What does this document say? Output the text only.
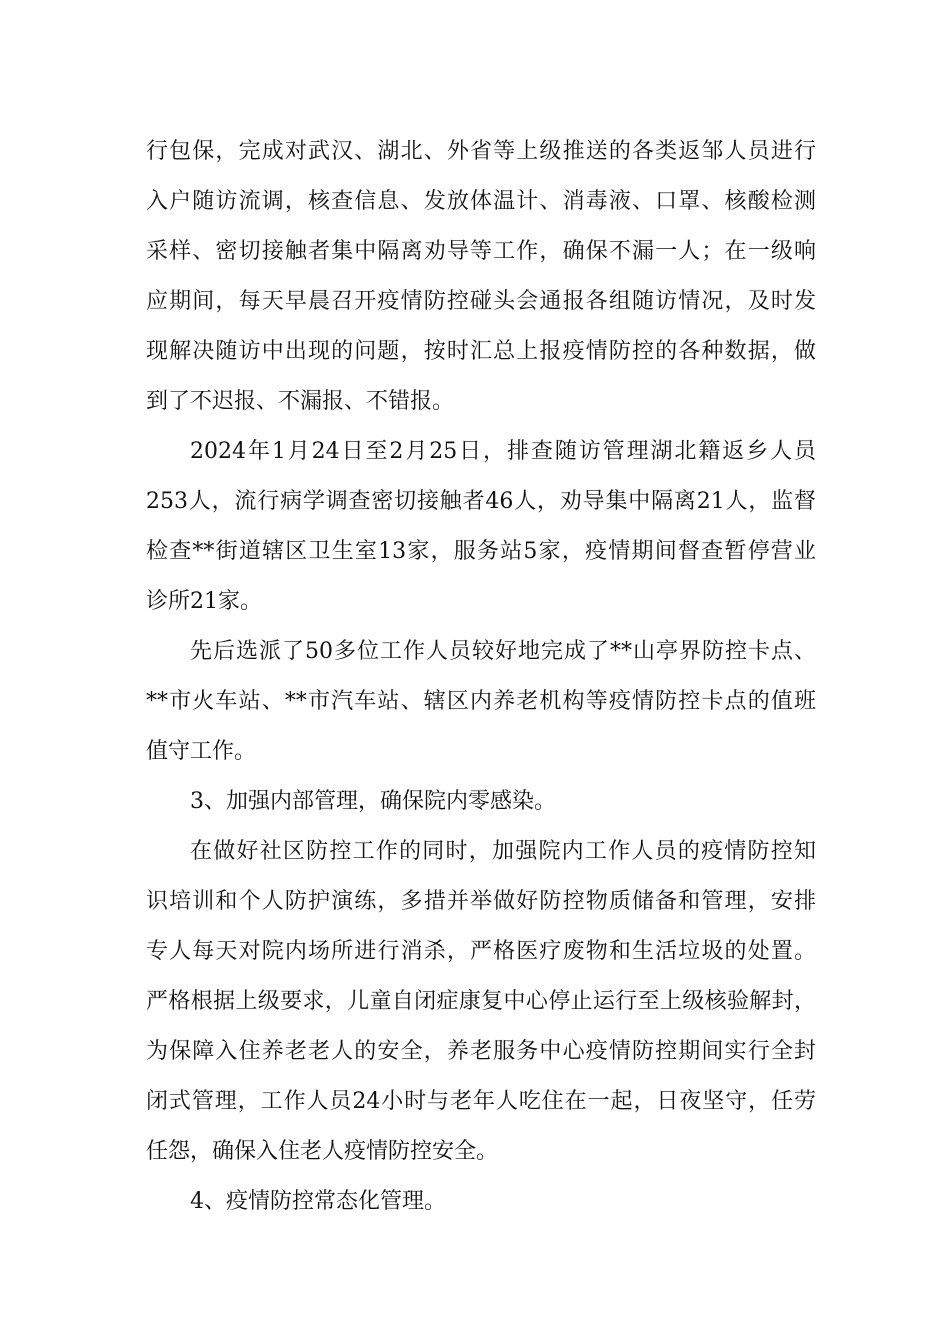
行包保，完成对武汉、湖北、外省等上级推送的各类返邹人员进行
入户随访流调，核查信息、发放体温计、消毒液、口罩、核酸检测
采样、密切接触者集中隔离劝导等工作，确保不漏一人；在一级响
应期间，每天早晨召开疫情防控碰头会通报各组随访情况，及时发
现解决随访中出现的问题，按时汇总上报疫情防控的各种数据，做
到了不迟报、不漏报、不错报。
2024年1月24日至2月25日，排查随访管理湖北籍返乡人员
253人，流行病学调查密切接触者46人，劝导集中隔离21人，监督
检查**街道辖区卫生室13家，服务站5家，疫情期间督查暂停营业
诊所21家。
先后选派了50多位工作人员较好地完成了**山亭界防控卡点、
**市火车站、**市汽车站、辖区内养老机构等疫情防控卡点的值班
值守工作。
3、加强内部管理，确保院内零感染。
在做好社区防控工作的同时，加强院内工作人员的疫情防控知
识培训和个人防护演练，多措并举做好防控物质储备和管理，安排
专人每天对院内场所进行消杀，严格医疗废物和生活垃圾的处置。
严格根据上级要求，儿童自闭症康复中心停止运行至上级核验解封，
为保障入住养老老人的安全，养老服务中心疫情防控期间实行全封
闭式管理，工作人员24小时与老年人吃住在一起，日夜坚守，任劳
任怨，确保入住老人疫情防控安全。
4、疫情防控常态化管理。
